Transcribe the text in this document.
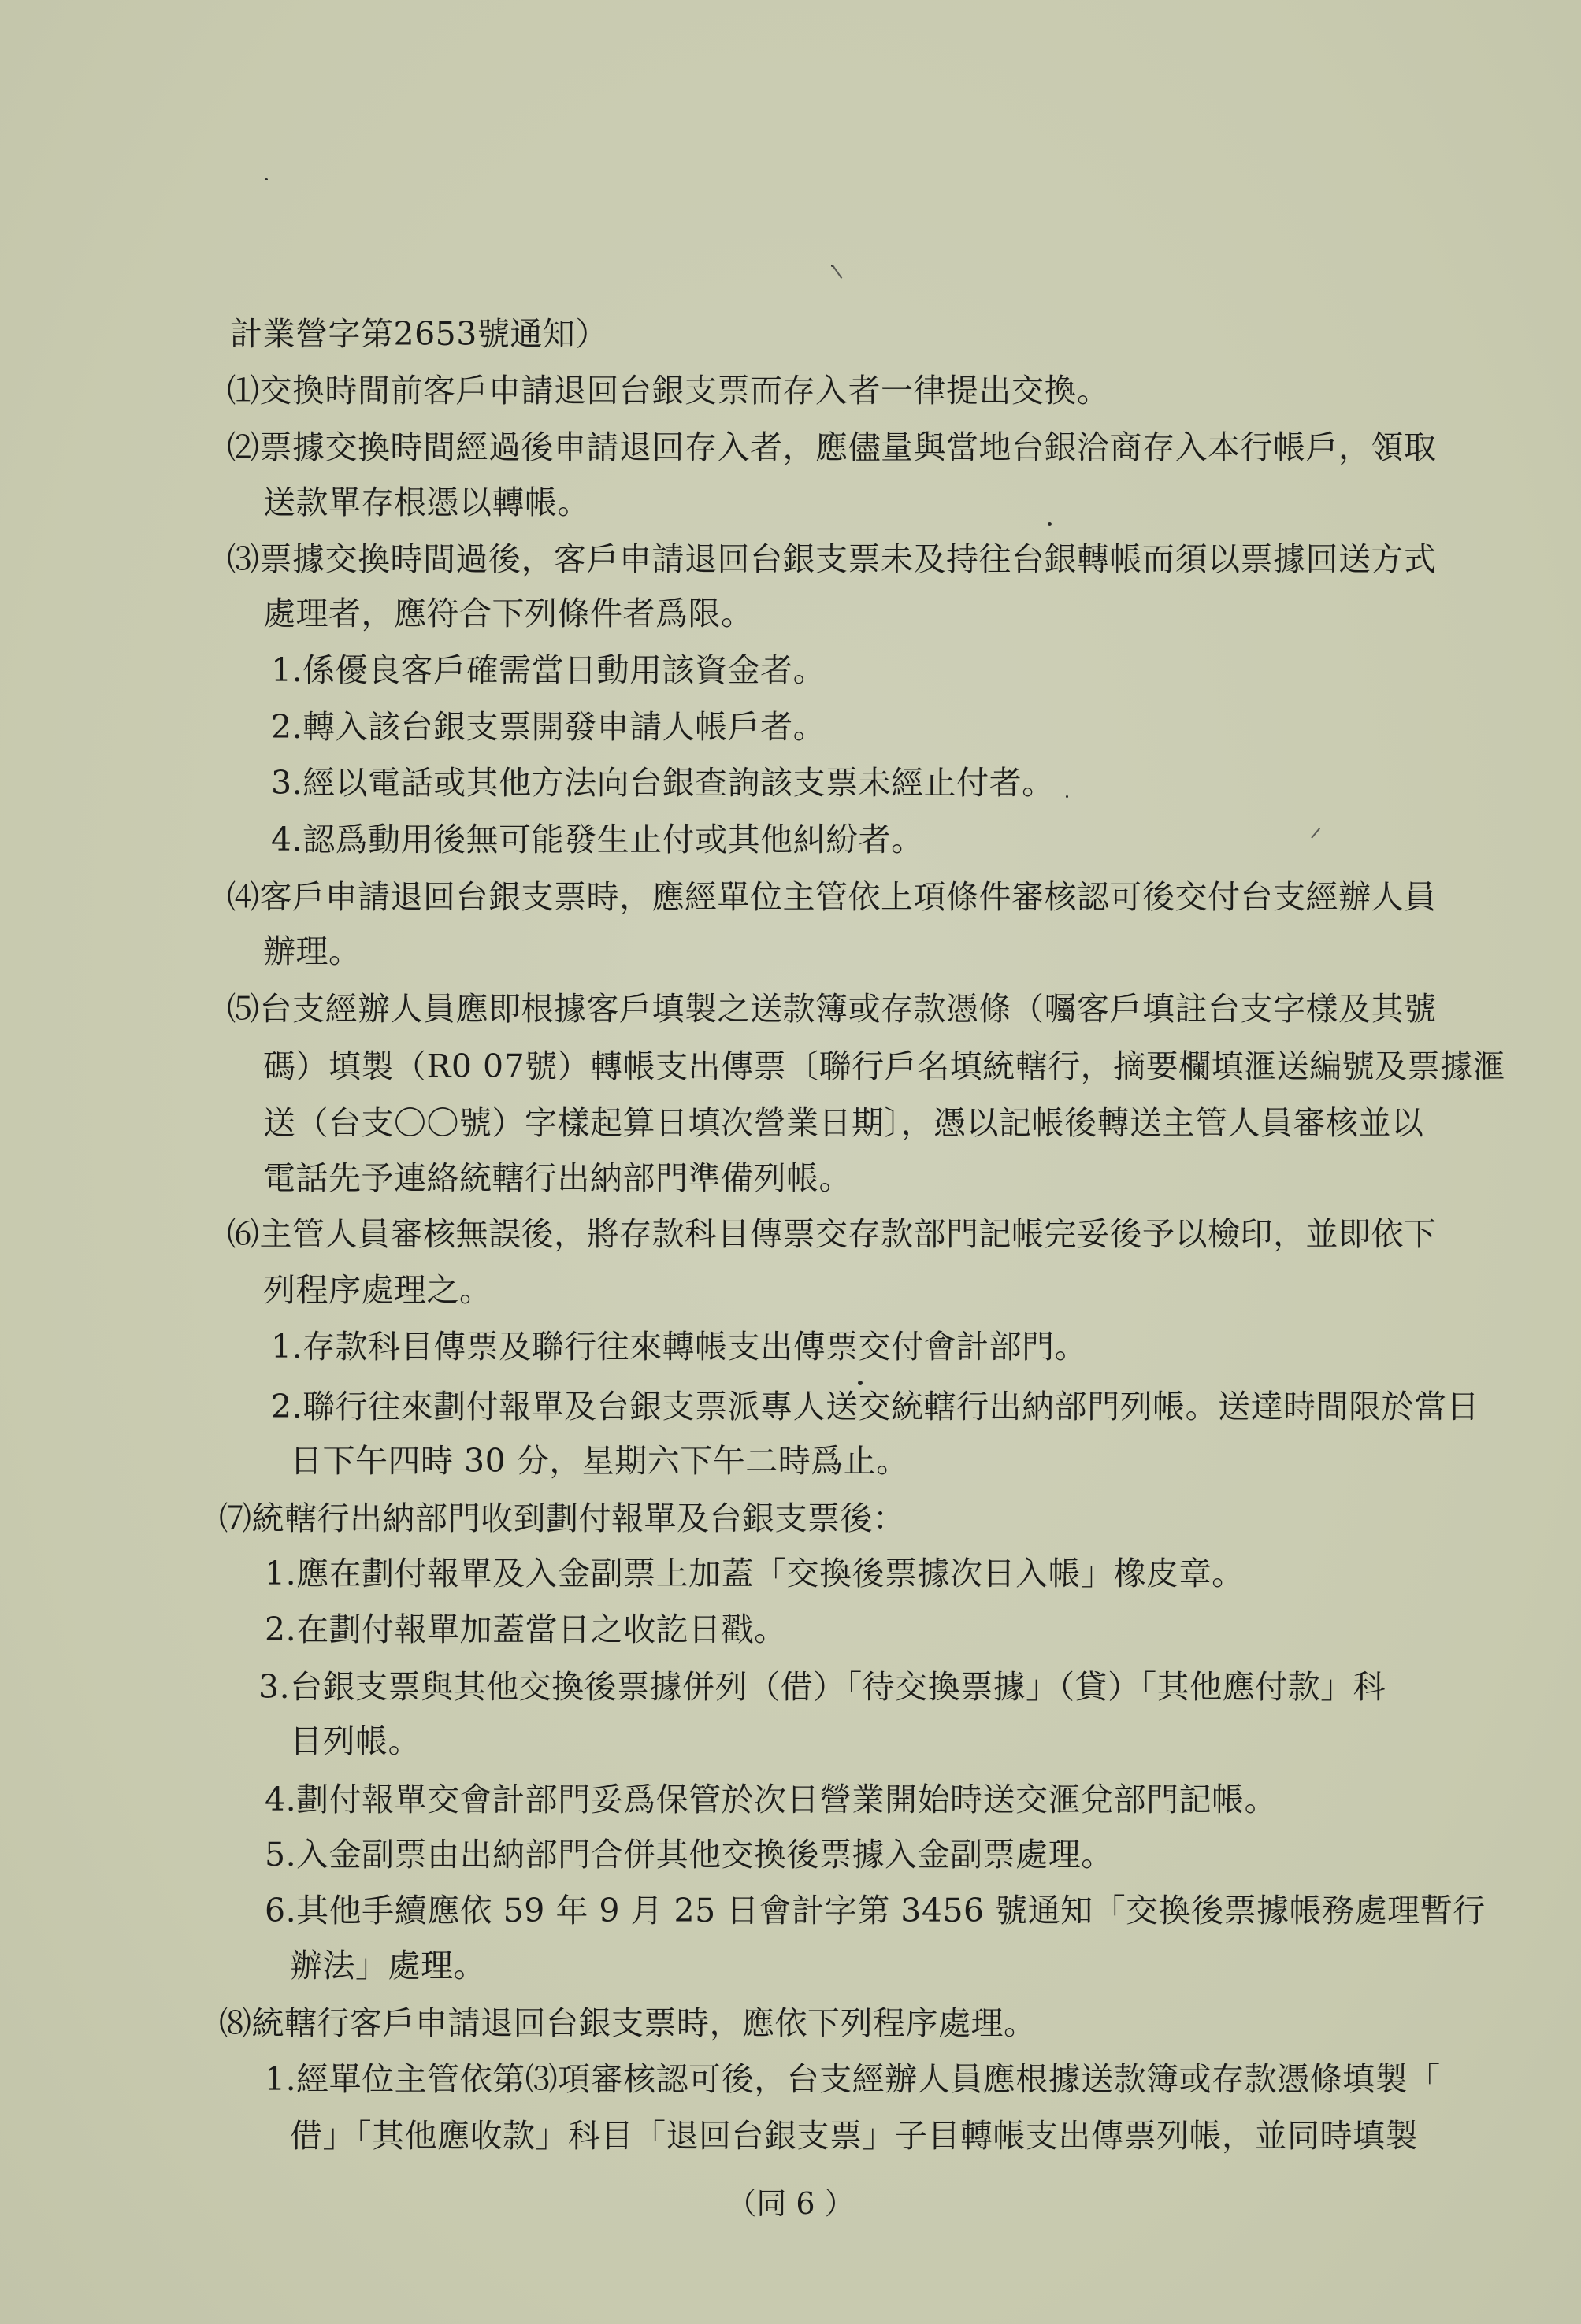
計業營字第2653號通知）
⑴交換時間前客戶申請退回台銀支票而存入者一律提出交換。
⑵票據交換時間經過後申請退回存入者，應儘量與當地台銀洽商存入本行帳戶，領取
送款單存根憑以轉帳。
⑶票據交換時間過後，客戶申請退回台銀支票未及持往台銀轉帳而須以票據回送方式
處理者，應符合下列條件者爲限。
1.係優良客戶確需當日動用該資金者。
2.轉入該台銀支票開發申請人帳戶者。
3.經以電話或其他方法向台銀查詢該支票未經止付者。
4.認爲動用後無可能發生止付或其他糾紛者。
⑷客戶申請退回台銀支票時，應經單位主管依上項條件審核認可後交付台支經辦人員
辦理。
⑸台支經辦人員應即根據客戶填製之送款簿或存款憑條（囑客戶填註台支字樣及其號
碼）填製（R0 07號）轉帳支出傳票〔聯行戶名填統轄行，摘要欄填滙送編號及票據滙
送（台支〇〇號）字樣起算日填次營業日期〕，憑以記帳後轉送主管人員審核並以
電話先予連絡統轄行出納部門準備列帳。
⑹主管人員審核無誤後，將存款科目傳票交存款部門記帳完妥後予以檢印，並即依下
列程序處理之。
1.存款科目傳票及聯行往來轉帳支出傳票交付會計部門。
2.聯行往來劃付報單及台銀支票派專人送交統轄行出納部門列帳。送達時間限於當日
日下午四時 30 分，星期六下午二時爲止。
⑺統轄行出納部門收到劃付報單及台銀支票後：
1.應在劃付報單及入金副票上加蓋「交換後票據次日入帳」橡皮章。
2.在劃付報單加蓋當日之收訖日戳。
3.台銀支票與其他交換後票據併列（借）「待交換票據」（貸）「其他應付款」科
目列帳。
4.劃付報單交會計部門妥爲保管於次日營業開始時送交滙兌部門記帳。
5.入金副票由出納部門合併其他交換後票據入金副票處理。
6.其他手續應依 59 年 9 月 25 日會計字第 3456 號通知「交換後票據帳務處理暫行
辦法」處理。
⑻統轄行客戶申請退回台銀支票時，應依下列程序處理。
1.經單位主管依第⑶項審核認可後，台支經辦人員應根據送款簿或存款憑條填製「
借」「其他應收款」科目「退回台銀支票」子目轉帳支出傳票列帳，並同時填製
（同 6 ）
